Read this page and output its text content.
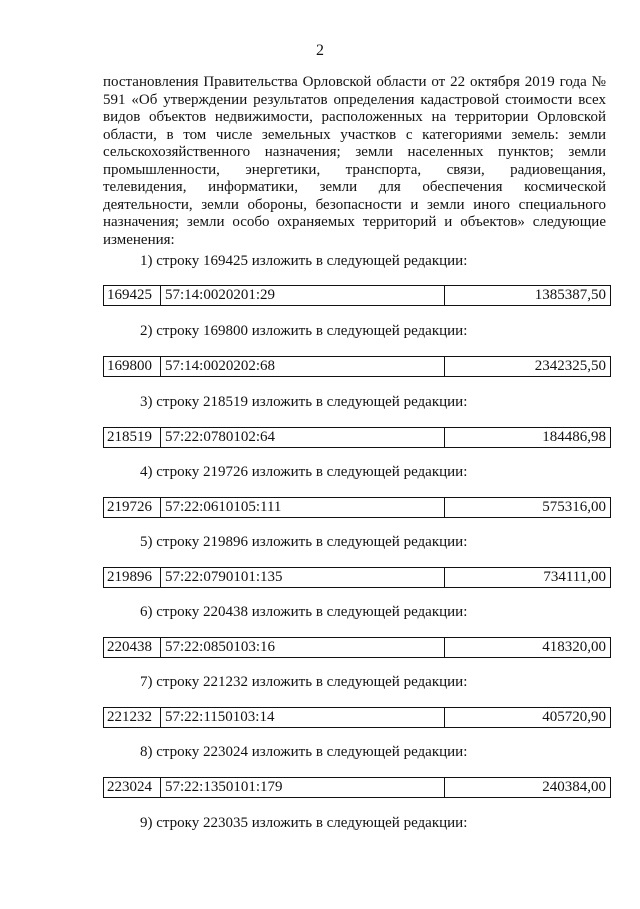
2

постановления Правительства Орловской области от 22 октября 2019 года № 591 «Об утверждении результатов определения кадастровой стоимости всех видов объектов недвижимости, расположенных на территории Орловской области, в том числе земельных участков с категориями земель: земли сельскохозяйственного назначения; земли населенных пунктов; земли промышленности, энергетики, транспорта, связи, радиовещания, телевидения, информатики, земли для обеспечения космической деятельности, земли обороны, безопасности и земли иного специального назначения; земли особо охраняемых территорий и объектов» следующие изменения:

1) строку 169425 изложить в следующей редакции:
169425 57:14:0020201:29	1385387,50
2) строку 169800 изложить в следующей редакции:
169800 57:14:0020202:68	2342325,50
3) строку 218519 изложить в следующей редакции:
218519 57:22:0780102:64	184486,98
4) строку 219726 изложить в следующей редакции:
219726 57:22:0610105:111	575316,00
5) строку 219896 изложить в следующей редакции:
219896 57:22:0790101:135	734111,00
6) строку 220438 изложить в следующей редакции:
220438 57:22:0850103:16	418320,00
7) строку 221232 изложить в следующей редакции:
221232 57:22:1150103:14	405720,90
8) строку 223024 изложить в следующей редакции:
223024 57:22:1350101:179	240384,00
9) строку 223035 изложить в следующей редакции:
